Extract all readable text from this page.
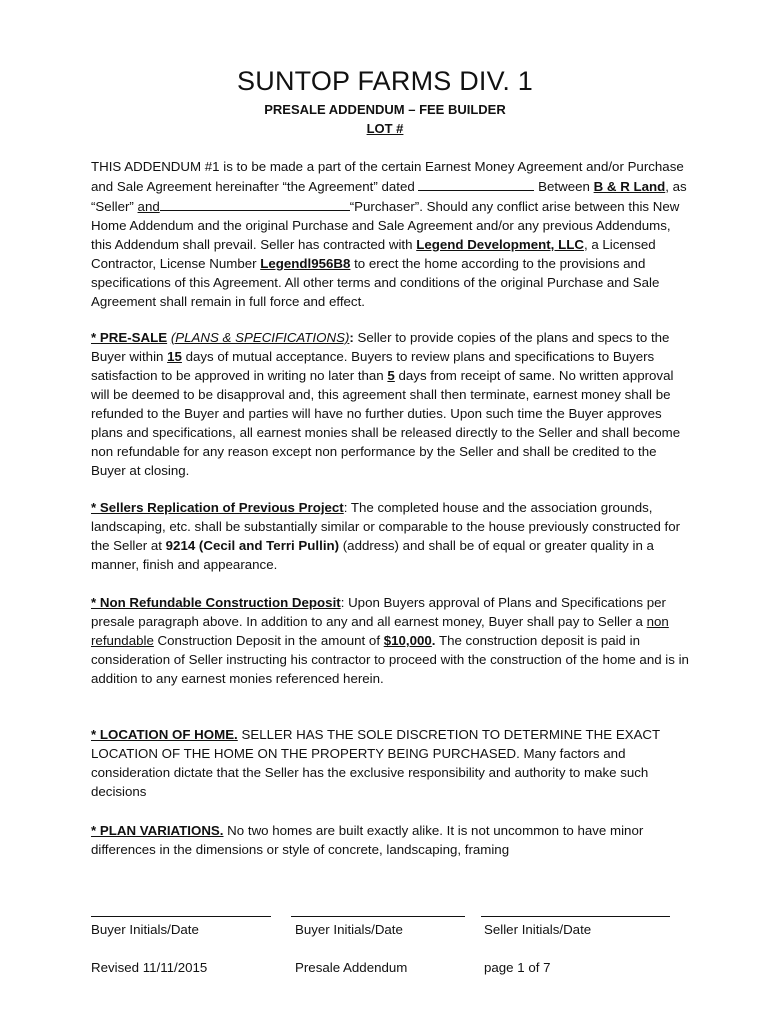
SUNTOP FARMS DIV. 1
PRESALE ADDENDUM – FEE BUILDER
LOT #

THIS ADDENDUM #1 is to be made a part of the certain Earnest Money Agreement and/or Purchase and Sale Agreement hereinafter “the Agreement” dated	Between B & R Land, as “Seller” and	“Purchaser”. Should any conflict arise between this New Home Addendum and the original Purchase and Sale Agreement and/or any previous Addendums, this Addendum shall prevail. Seller has contracted with Legend Development, LLC, a Licensed Contractor, License Number Legendl956B8 to erect the home according to the provisions and specifications of this Agreement. All other terms and conditions of the original Purchase and Sale Agreement shall remain in full force and effect.

* PRE-SALE (PLANS & SPECIFICATIONS): Seller to provide copies of the plans and specs to the Buyer within 15 days of mutual acceptance. Buyers to review plans and specifications to Buyers satisfaction to be approved in writing no later than 5 days from receipt of same. No written approval will be deemed to be disapproval and, this agreement shall then terminate, earnest money shall be refunded to the Buyer and parties will have no further duties. Upon such time the Buyer approves plans and specifications, all earnest monies shall be released directly to the Seller and shall become non refundable for any reason except non performance by the Seller and shall be credited to the Buyer at closing.

* Sellers Replication of Previous Project: The completed house and the association grounds, landscaping, etc. shall be substantially similar or comparable to the house previously constructed for the Seller at 9214 (Cecil and Terri Pullin) (address) and shall be of equal or greater quality in a manner, finish and appearance.

* Non Refundable Construction Deposit: Upon Buyers approval of Plans and Specifications per presale paragraph above. In addition to any and all earnest money, Buyer shall pay to Seller a non refundable Construction Deposit in the amount of $10,000. The construction deposit is paid in consideration of Seller instructing his contractor to proceed with the construction of the home and is in addition to any earnest monies referenced herein.

* LOCATION OF HOME. SELLER HAS THE SOLE DISCRETION TO DETERMINE THE EXACT LOCATION OF THE HOME ON THE PROPERTY BEING PURCHASED. Many factors and consideration dictate that the Seller has the exclusive responsibility and authority to make such decisions

* PLAN VARIATIONS. No two homes are built exactly alike. It is not uncommon to have minor differences in the dimensions or style of concrete, landscaping, framing

Buyer Initials/Date	Buyer Initials/Date	Seller Initials/Date
Revised 11/11/2015	Presale Addendum	page 1 of 7
